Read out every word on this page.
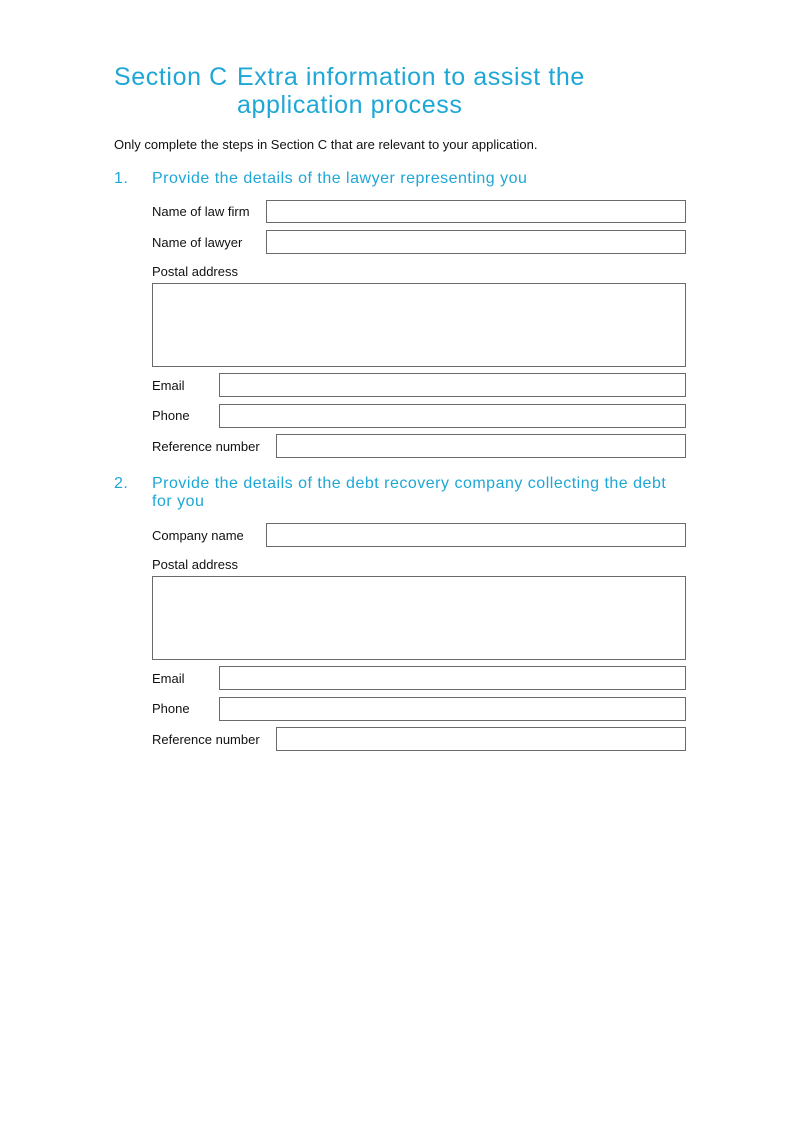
Section C Extra information to assist the
application process
Only complete the steps in Section C that are relevant to your application.
1. Provide the details of the lawyer representing you
Name of law firm
Name of lawyer
Postal address
Email
Phone
Reference number
2. Provide the details of the debt recovery company collecting the debt
for you
Company name
Postal address
Email
Phone
Reference number
